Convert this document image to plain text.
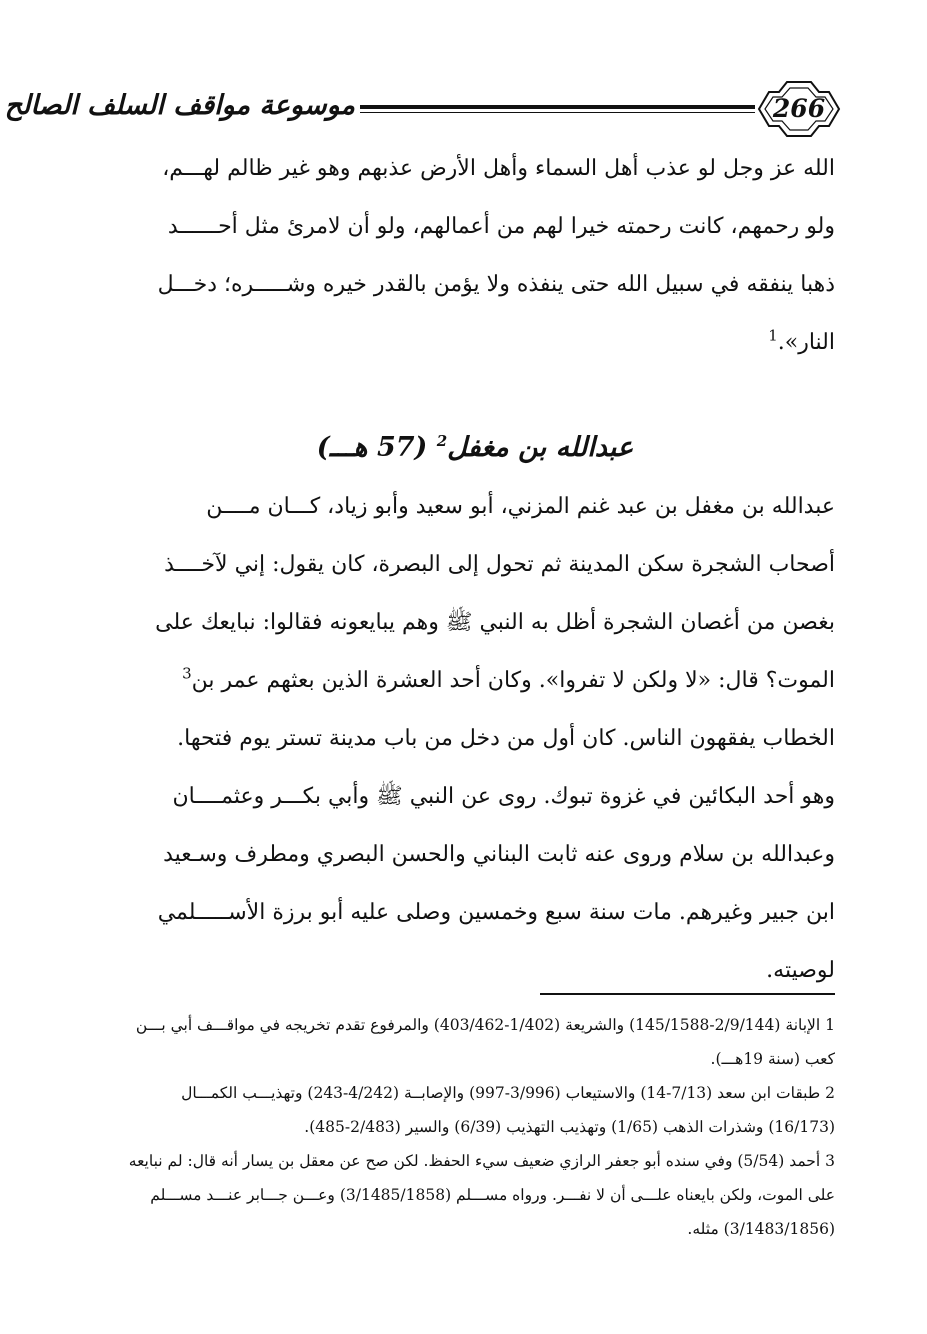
موسوعة مواقف السلف الصالح	266
الله عز وجل لو عذب أهل السماء وأهل الأرض عذبهم وهو غير ظالم لهـــم،
ولو رحمهم، كانت رحمته خيرا لهم من أعمالهم، ولو أن لامرئ مثل أحــــــد
ذهبا ينفقه في سبيل الله حتى ينفذه ولا يؤمن بالقدر خيره وشـــــره؛ دخـــل
النار».$^1$
عبدالله بن مغفل$^2$ (57 هـــ)
عبدالله بن مغفل بن عبد غنم المزني، أبو سعيد وأبو زياد، كـــان مــــن
أصحاب الشجرة سكن المدينة ثم تحول إلى البصرة، كان يقول: إني لآخــــذ
بغصن من أغصان الشجرة أظل به النبي ﷺ وهم يبايعونه فقالوا: نبايعك على
الموت؟ قال: «لا ولكن لا تفروا». وكان أحد العشرة الذين بعثهم عمر بن$^3$
الخطاب يفقهون الناس. كان أول من دخل من باب مدينة تستر يوم فتحها.
وهو أحد البكائين في غزوة تبوك. روى عن النبي ﷺ وأبي بكـــر وعثمــــان
وعبدالله بن سلام وروى عنه ثابت البناني والحسن البصري ومطرف وسـعيد
ابن جبير وغيرهم. مات سنة سبع وخمسين وصلى عليه أبو برزة الأســـــلمي
لوصيته.
1 الإبانة (2/9/144-145/1588) والشريعة (1/402-403/462) والمرفوع تقدم تخريجه في مواقـــف أبي بـــن
كعب (سنة 19هـــ).
2 طبقات ابن سعد (7/13-14) والاستيعاب (3/996-997) والإصابــة (4/242-243) وتهذيـــب الكمـــال
(16/173) وشذرات الذهب (1/65) وتهذيب التهذيب (6/39) والسير (2/483-485).
3 أحمد (5/54) وفي سنده أبو جعفر الرازي ضعيف سيء الحفظ. لكن صح عن معقل بن يسار أنه قال: لم نبايعه
على الموت، ولكن بايعناه علـــى أن لا نفـــر. ورواه مســـلم (3/1485/1858) وعـــن جـــابر عنـــد مســـلم
(3/1483/1856) مثله.
